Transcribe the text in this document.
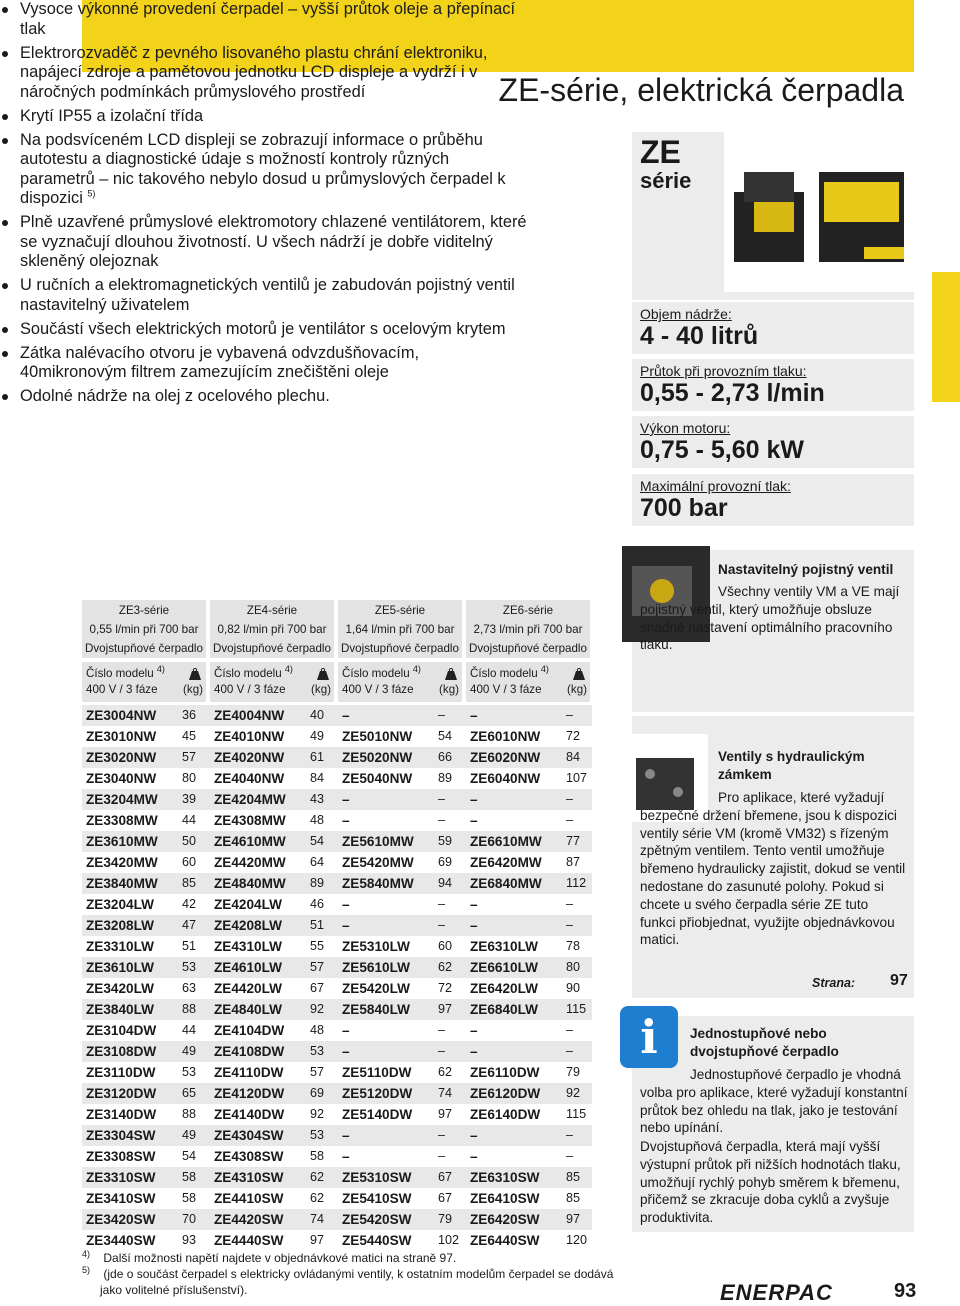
ZE-série, elektrická čerpadla
Vysoce výkonné provedení čerpadel – vyšší průtok oleje a přepínací tlak
Elektrorozvaděč z pevného lisovaného plastu chrání elektroniku, napájecí zdroje a pamětovou jednotku LCD displeje a vydrží i v náročných podmínkách průmyslového prostředí
Krytí IP55 a izolační třída
Na podsvíceném LCD displeji se zobrazují informace o průběhu autotestu a diagnostické údaje s možností kontroly různých parametrů – nic takového nebylo dosud u průmyslových čerpadel k dispozici $^{5)}$
Plně uzavřené průmyslové elektromotory chlazené ventilátorem, které se vyznačují dlouhou životností. U všech nádrží je dobře viditelný skleněný olejoznak
U ručních a elektromagnetických ventilů je zabudován pojistný ventil nastavitelný uživatelem
Součástí všech elektrických motorů je ventilátor s ocelovým krytem
Zátka nalévacího otvoru je vybavená odvzdušňovacím, 40mikronovým filtrem zamezujícím znečištěni oleje
Odolné nádrže na olej z ocelového plechu.
ZE
série
Objem nádrže:
4 - 40 litrů
Průtok při provozním tlaku:
0,55 - 2,73 l/min
Výkon motoru:
0,75 - 5,60 kW
Maximální provozní tlak:
700 bar
Nastavitelný pojistný ventil
Všechny ventily VM a VE mají pojistný ventil, který umožňuje obsluze snadné nastavení optimálního pracovního tlaku.
Ventily s hydraulickým zámkem
Pro aplikace, které vyžadují bezpečné držení břemene, jsou k dispozici ventily série VM (kromě VM32) s řízeným zpětným ventilem. Tento ventil umožňuje břemeno hydraulicky zajistit, dokud se ventil nedostane do zasunuté polohy. Pokud si chcete u svého čerpadla série ZE tuto funkci přiobjednat, využijte objednávkovou matici.
Strana: 97
i	Jednostupňové nebo dvojstupňové čerpadlo
Jednostupňové čerpadlo je vhodná volba pro aplikace, které vyžadují konstantní průtok bez ohledu na tlak, jako je testování nebo upínání.
Dvojstupňová čerpadla, která mají vyšší výstupní průtok při nižších hodnotách tlaku, umožňují rychlý pohyb směrem k břemenu, přičemž se zkracuje doba cyklů a zvyšuje produktivita.
ZE3-série
0,55 l/min při 700 bar
Dvojstupňové čerpadlo
Číslo modelu $^{4)}$
400 V / 3 fáze (kg)
ZE4-série
0,82 l/min při 700 bar
Dvojstupňové čerpadlo
Číslo modelu $^{4)}$
400 V / 3 fáze (kg)
ZE5-série
1,64 l/min při 700 bar
Dvojstupňové čerpadlo
Číslo modelu $^{4)}$
400 V / 3 fáze (kg)
ZE6-série
2,73 l/min při 700 bar
Dvojstupňové čerpadlo
Číslo modelu $^{4)}$
400 V / 3 fáze (kg)
ZE3004NW 36 ZE4004NW 40 –	– –	–
ZE3010NW 45 ZE4010NW 49 ZE5010NW 54 ZE6010NW 72
ZE3020NW 57 ZE4020NW 61 ZE5020NW 66 ZE6020NW 84
ZE3040NW 80 ZE4040NW 84 ZE5040NW 89 ZE6040NW 107
ZE3204MW 39 ZE4204MW 43 –	– –	–
ZE3308MW 44 ZE4308MW 48 –	– –	–
ZE3610MW 50 ZE4610MW 54 ZE5610MW 59 ZE6610MW 77
ZE3420MW 60 ZE4420MW 64 ZE5420MW 69 ZE6420MW 87
ZE3840MW 85 ZE4840MW 89 ZE5840MW 94 ZE6840MW 112
ZE3204LW 42 ZE4204LW 46 –	– –	–
ZE3208LW 47 ZE4208LW 51 –	– –	–
ZE3310LW 51 ZE4310LW 55 ZE5310LW 60 ZE6310LW 78
ZE3610LW 53 ZE4610LW 57 ZE5610LW 62 ZE6610LW 80
ZE3420LW 63 ZE4420LW 67 ZE5420LW 72 ZE6420LW 90
ZE3840LW 88 ZE4840LW 92 ZE5840LW 97 ZE6840LW 115
ZE3104DW 44 ZE4104DW 48 –	– –	–
ZE3108DW 49 ZE4108DW 53 –	– –	–
ZE3110DW 53 ZE4110DW 57 ZE5110DW 62 ZE6110DW 79
ZE3120DW 65 ZE4120DW 69 ZE5120DW 74 ZE6120DW 92
ZE3140DW 88 ZE4140DW 92 ZE5140DW 97 ZE6140DW 115
ZE3304SW 49 ZE4304SW 53 –	– –	–
ZE3308SW 54 ZE4308SW 58 –	– –	–
ZE3310SW 58 ZE4310SW 62 ZE5310SW 67 ZE6310SW 85
ZE3410SW 58 ZE4410SW 62 ZE5410SW 67 ZE6410SW 85
ZE3420SW 70 ZE4420SW 74 ZE5420SW 79 ZE6420SW 97
ZE3440SW 93 ZE4440SW 97 ZE5440SW 102 ZE6440SW 120
$^{4)}$ Další možnosti napětí najdete v objednávkové matici na straně 97.
$^{5)}$ (jde o součást čerpadel s elektricky ovládanými ventily, k ostatním modelům čerpadel se dodává jako volitelné příslušenství).	ENERPAC	93
